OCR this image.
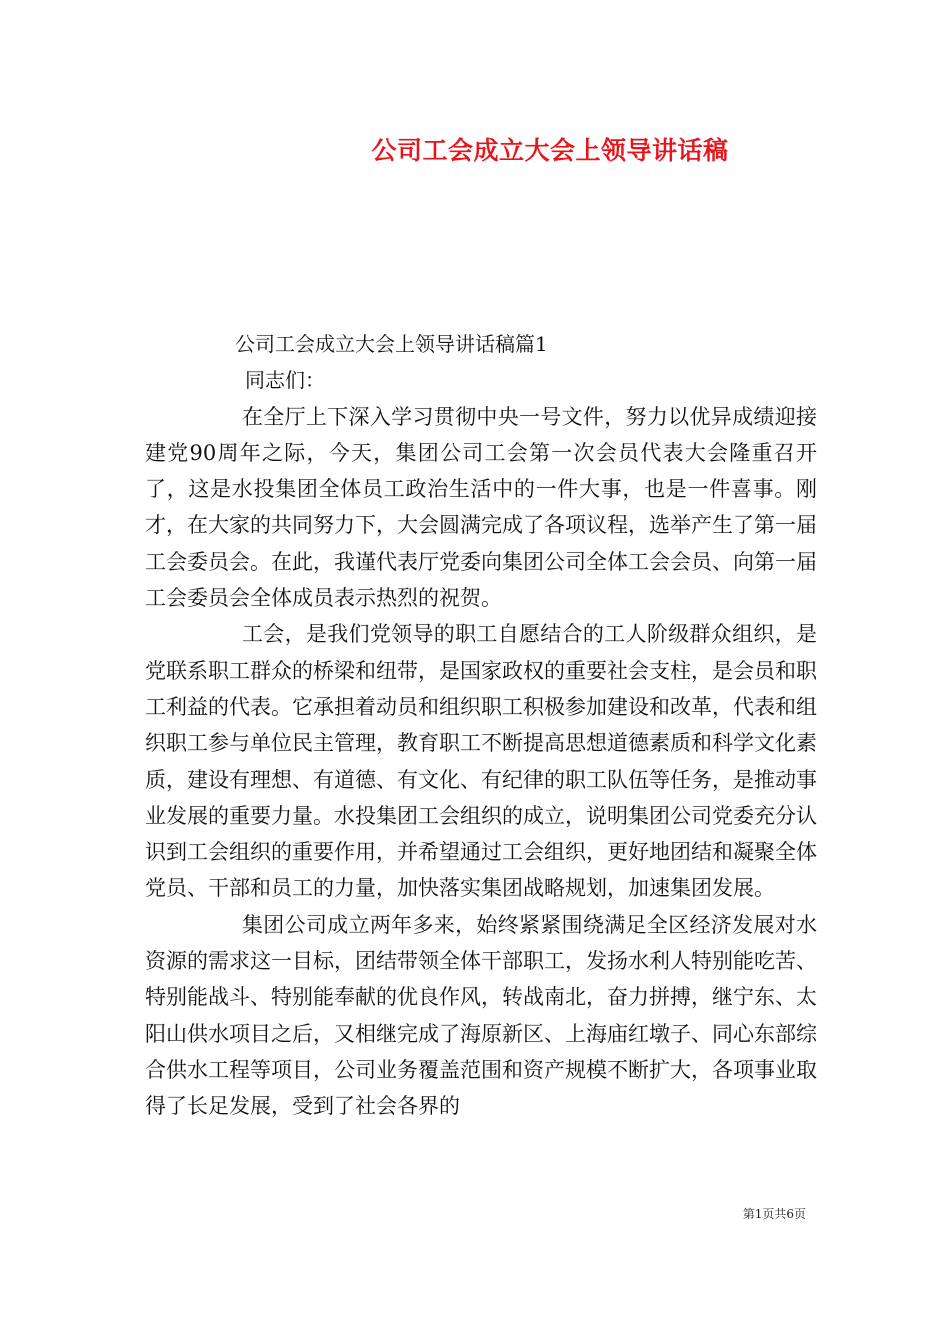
公司工会成立大会上领导讲话稿

公司工会成立大会上领导讲话稿篇1

同志们：

在全厅上下深入学习贯彻中央一号文件，努力以优异成绩迎接建党90周年之际，今天，集团公司工会第一次会员代表大会隆重召开了，这是水投集团全体员工政治生活中的一件大事，也是一件喜事。刚才，在大家的共同努力下，大会圆满完成了各项议程，选举产生了第一届工会委员会。在此，我谨代表厅党委向集团公司全体工会会员、向第一届工会委员会全体成员表示热烈的祝贺。

工会，是我们党领导的职工自愿结合的工人阶级群众组织，是党联系职工群众的桥梁和纽带，是国家政权的重要社会支柱，是会员和职工利益的代表。它承担着动员和组织职工积极参加建设和改革，代表和组织职工参与单位民主管理，教育职工不断提高思想道德素质和科学文化素质，建设有理想、有道德、有文化、有纪律的职工队伍等任务，是推动事业发展的重要力量。水投集团工会组织的成立，说明集团公司党委充分认识到工会组织的重要作用，并希望通过工会组织，更好地团结和凝聚全体党员、干部和员工的力量，加快落实集团战略规划，加速集团发展。

集团公司成立两年多来，始终紧紧围绕满足全区经济发展对水资源的需求这一目标，团结带领全体干部职工，发扬水利人特别能吃苦、特别能战斗、特别能奉献的优良作风，转战南北，奋力拼搏，继宁东、太阳山供水项目之后，又相继完成了海原新区、上海庙红墩子、同心东部综合供水工程等项目，公司业务覆盖范围和资产规模不断扩大，各项事业取得了长足发展，受到了社会各界的

第1页共6页
